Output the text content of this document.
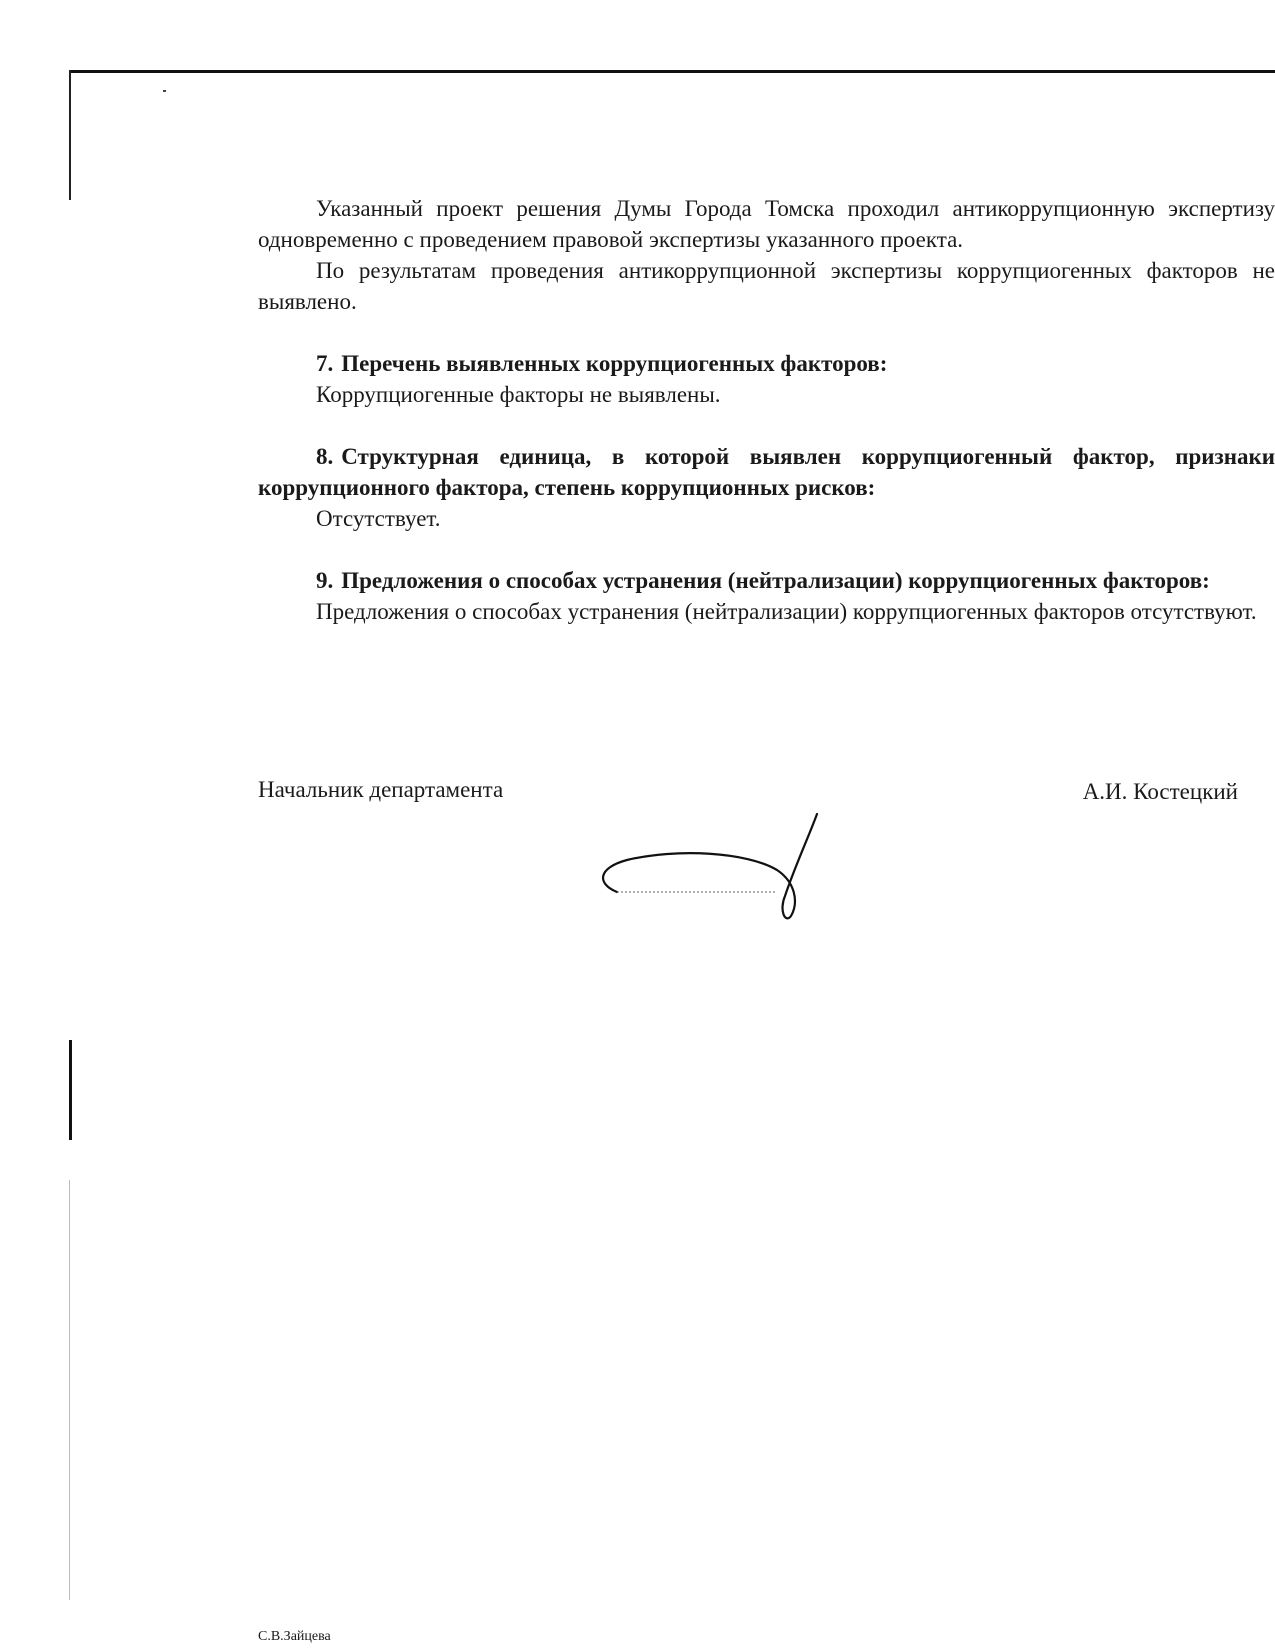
Указанный проект решения Думы Города Томска проходил антикоррупционную экспертизу одновременно с проведением правовой экспертизы указанного проекта.

По результатам проведения антикоррупционной экспертизы коррупциогенных факторов не выявлено.

7. Перечень выявленных коррупциогенных факторов:

Коррупциогенные факторы не выявлены.

8. Структурная единица, в которой выявлен коррупциогенный фактор, признаки коррупционного фактора, степень коррупционных рисков:

Отсутствует.

9. Предложения о способах устранения (нейтрализации) коррупциогенных факторов:

Предложения о способах устранения (нейтрализации) коррупциогенных факторов отсутствуют.

Начальник департамента	А.И. Костецкий
С.В.Зайцева
